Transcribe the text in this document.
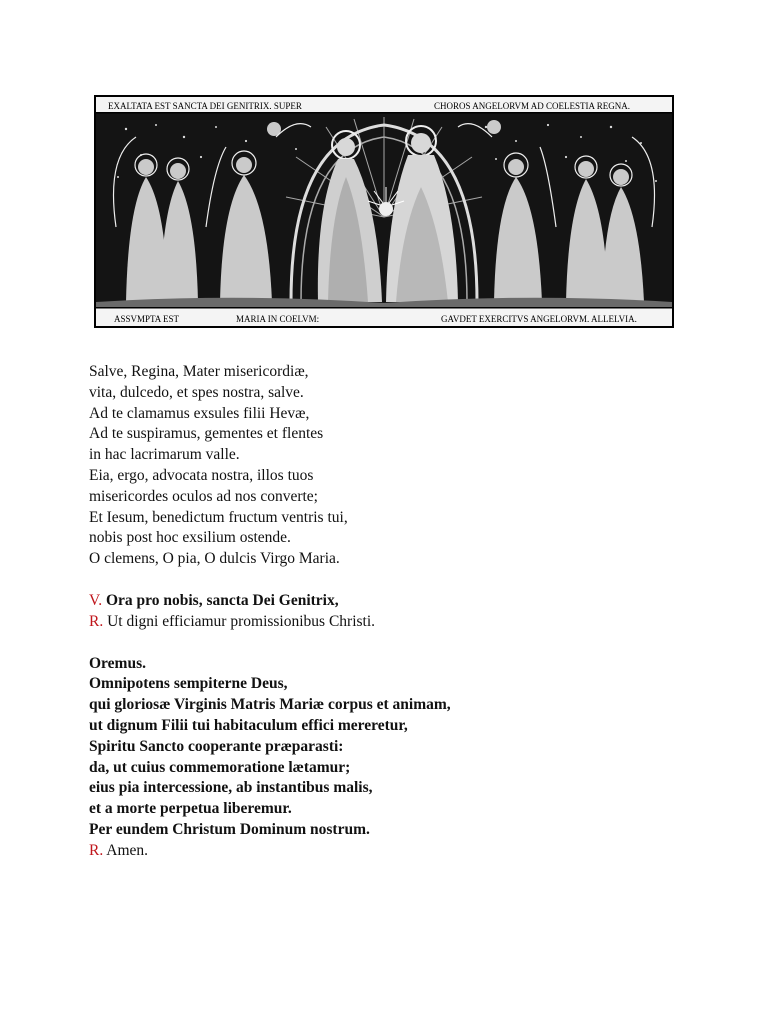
EXALTATA EST SANCTA DEI GENITRIX. SUPER	CHOROS ANGELORVM AD COELESTIA REGNA.
ASSVMPTA EST	MARIA IN COELVM:	GAVDET EXERCITVS ANGELORVM. ALLELVIA.
Salve, Regina, Mater misericordiæ,
vita, dulcedo, et spes nostra, salve.
Ad te clamamus exsules filii Hevæ,
Ad te suspiramus, gementes et flentes
in hac lacrimarum valle.
Eia, ergo, advocata nostra, illos tuos
misericordes oculos ad nos converte;
Et Iesum, benedictum fructum ventris tui,
nobis post hoc exsilium ostende.
O clemens, O pia, O dulcis Virgo Maria.
V. Ora pro nobis, sancta Dei Genitrix,
R. Ut digni efficiamur promissionibus Christi.
Oremus.
Omnipotens sempiterne Deus,
qui gloriosæ Virginis Matris Mariæ corpus et animam,
ut dignum Filii tui habitaculum effici mereretur,
Spiritu Sancto cooperante præparasti:
da, ut cuius commemoratione lætamur;
eius pia intercessione, ab instantibus malis,
et a morte perpetua liberemur.
Per eundem Christum Dominum nostrum.
R. Amen.
